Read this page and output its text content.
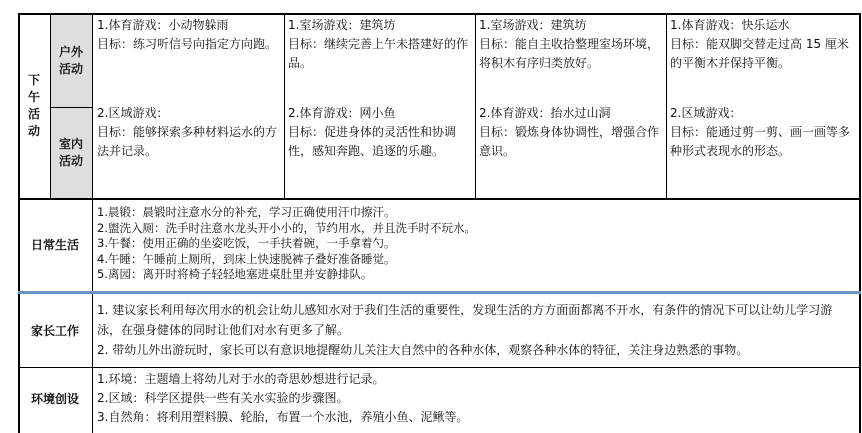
下午活动
户外活动
室内活动
1.体育游戏：小动物躲雨
目标：练习听信号向指定方向跑。
2.区域游戏：
目标：能够探索多种材料运水的方法并记录。
1.室场游戏：建筑坊
目标：继续完善上午未搭建好的作品。
2.体育游戏：网小鱼
目标：促进身体的灵活性和协调性，感知奔跑、追逐的乐趣。
1.室场游戏：建筑坊
目标：能自主收拾整理室场环境，将积木有序归类放好。
2.体育游戏：抬水过山洞
目标：锻炼身体协调性，增强合作意识。
1.体育游戏：快乐运水
目标：能双脚交替走过高 15 厘米的平衡木并保持平衡。
2.区域游戏：
目标：能通过剪一剪、画一画等多种形式表现水的形态。
日常生活
1.晨锻：晨锻时注意水分的补充，学习正确使用汗巾擦汗。
2.盥洗入厕：洗手时注意水龙头开小小的，节约用水，并且洗手时不玩水。
3.午餐：使用正确的坐姿吃饭，一手扶着碗，一手拿着勺。
4.午睡：午睡前上厕所，到床上快速脱裤子叠好准备睡觉。
5.离园：离开时将椅子轻轻地塞进桌肚里并安静排队。
家长工作
1. 建议家长利用每次用水的机会让幼儿感知水对于我们生活的重要性，发现生活的方方面面都离不开水，有条件的情况下可以让幼儿学习游泳，在强身健体的同时让他们对水有更多了解。
2. 带幼儿外出游玩时，家长可以有意识地提醒幼儿关注大自然中的各种水体，观察各种水体的特征，关注身边熟悉的事物。
环境创设
1.环境：主题墙上将幼儿对于水的奇思妙想进行记录。
2.区域：科学区提供一些有关水实验的步骤图。
3.自然角：将利用塑料膜、轮胎，布置一个水池，养殖小鱼、泥鳅等。
